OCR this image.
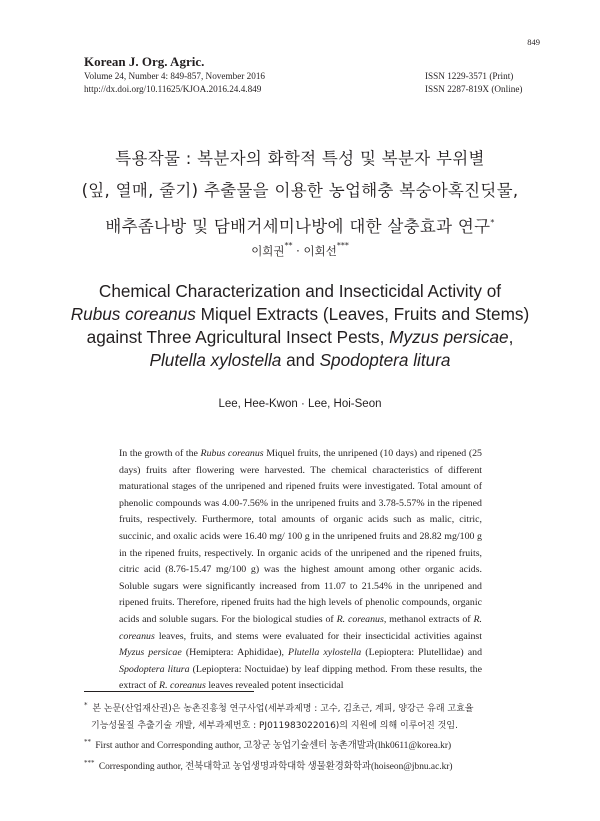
Korean J. Org. Agric.
849
Volume 24, Number 4: 849-857, November 2016
http://dx.doi.org/10.11625/KJOA.2016.24.4.849
ISSN 1229-3571 (Print)
ISSN 2287-819X (Online)
특용작물 : 복분자의 화학적 특성 및 복분자 부위별
(잎, 열매, 줄기) 추출물을 이용한 농업해충 복숭아혹진딧물,
배추좀나방 및 담배거세미나방에 대한 살충효과 연구*
이희권** · 이회선***
Chemical Characterization and Insecticidal Activity of
Rubus coreanus Miquel Extracts (Leaves, Fruits and Stems)
against Three Agricultural Insect Pests, Myzus persicae,
Plutella xylostella and Spodoptera litura
Lee, Hee-Kwon · Lee, Hoi-Seon
In the growth of the Rubus coreanus Miquel fruits, the unripened (10 days) and ripened (25 days) fruits after flowering were harvested. The chemical characteristics of different maturational stages of the unripened and ripened fruits were investigated. Total amount of phenolic compounds was 4.00-7.56% in the unripened fruits and 3.78-5.57% in the ripened fruits, respectively. Furthermore, total amounts of organic acids such as malic, citric, succinic, and oxalic acids were 16.40 mg/ 100 g in the unripened fruits and 28.82 mg/100 g in the ripened fruits, respectively. In organic acids of the unripened and the ripened fruits, citric acid (8.76-15.47 mg/100 g) was the highest amount among other organic acids. Soluble sugars were significantly increased from 11.07 to 21.54% in the unripened and ripened fruits. Therefore, ripened fruits had the high levels of phenolic compounds, organic acids and soluble sugars. For the biological studies of R. coreanus, methanol extracts of R. coreanus leaves, fruits, and stems were evaluated for their insecticidal activities against Myzus persicae (Hemiptera: Aphididae), Plutella xylostella (Lepioptera: Plutellidae) and Spodoptera litura (Lepioptera: Noctuidae) by leaf dipping method. From these results, the extract of R. coreanus leaves revealed potent insecticidal
* 본 논문(산업재산권)은 농촌진흥청 연구사업(세부과제명 : 고수, 김초근, 계피, 양강근 유래 고효율
기능성물질 추출기술 개발, 세부과제번호 : PJ011983022016)의 지원에 의해 이루어진 것임.
** First author and Corresponding author, 고창군 농업기술센터 농촌개발과(lhk0611@korea.kr)
*** Corresponding author, 전북대학교 농업생명과학대학 생물환경화학과(hoiseon@jbnu.ac.kr)
